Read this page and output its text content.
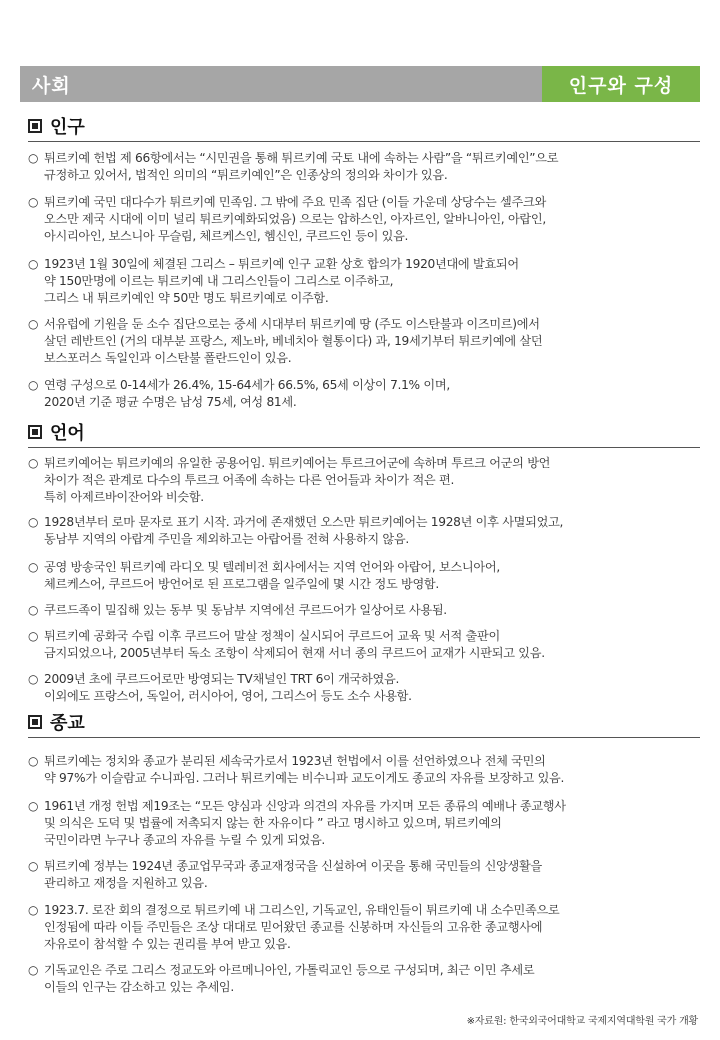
사회	인구와 구성
인구
○ 튀르키예 헌법 제 66항에서는 “시민권을 통해 튀르키예 국토 내에 속하는 사람”을 “튀르키예인”으로
규정하고 있어서, 법적인 의미의 “튀르키예인”은 인종상의 정의와 차이가 있음.
○ 튀르키예 국민 대다수가 튀르키예 민족임. 그 밖에 주요 민족 집단 (이들 가운데 상당수는 셀주크와
오스만 제국 시대에 이미 널리 튀르키예화되었음) 으로는 압하스인, 아자르인, 알바니아인, 아랍인,
아시리아인, 보스니아 무슬림, 체르케스인, 헴신인, 쿠르드인 등이 있음.
○ 1923년 1월 30일에 체결된 그리스 – 튀르키예 인구 교환 상호 합의가 1920년대에 발효되어
약 150만명에 이르는 튀르키예 내 그리스인들이 그리스로 이주하고,
그리스 내 튀르키예인 약 50만 명도 튀르키예로 이주함.
○ 서유럽에 기원을 둔 소수 집단으로는 중세 시대부터 튀르키예 땅 (주도 이스탄불과 이즈미르)에서
살던 레반트인 (거의 대부분 프랑스, 제노바, 베네치아 혈통이다) 과, 19세기부터 튀르키예에 살던
보스포러스 독일인과 이스탄불 폴란드인이 있음.
○ 연령 구성으로 0-14세가 26.4%, 15-64세가 66.5%, 65세 이상이 7.1% 이며,
2020년 기준 평균 수명은 남성 75세, 여성 81세.
언어
○ 튀르키예어는 튀르키예의 유일한 공용어임. 튀르키예어는 투르크어군에 속하며 투르크 어군의 방언
차이가 적은 관계로 다수의 투르크 어족에 속하는 다른 언어들과 차이가 적은 편.
특히 아제르바이잔어와 비슷함.
○ 1928년부터 로마 문자로 표기 시작. 과거에 존재했던 오스만 튀르키예어는 1928년 이후 사멸되었고,
동남부 지역의 아랍계 주민을 제외하고는 아랍어를 전혀 사용하지 않음.
○ 공영 방송국인 튀르키예 라디오 및 텔레비전 회사에서는 지역 언어와 아랍어, 보스니아어,
체르케스어, 쿠르드어 방언어로 된 프로그램을 일주일에 몇 시간 정도 방영함.
○ 쿠르드족이 밀집해 있는 동부 및 동남부 지역에선 쿠르드어가 일상어로 사용됨.
○ 튀르키예 공화국 수립 이후 쿠르드어 말살 정책이 실시되어 쿠르드어 교육 및 서적 출판이
금지되었으나, 2005년부터 독소 조항이 삭제되어 현재 서너 종의 쿠르드어 교재가 시판되고 있음.
○ 2009년 초에 쿠르드어로만 방영되는 TV채널인 TRT 6이 개국하였음.
이외에도 프랑스어, 독일어, 러시아어, 영어, 그리스어 등도 소수 사용함.
종교
○ 튀르키예는 정치와 종교가 분리된 세속국가로서 1923년 헌법에서 이를 선언하였으나 전체 국민의
약 97%가 이슬람교 수니파임. 그러나 튀르키예는 비수니파 교도이게도 종교의 자유를 보장하고 있음.
○ 1961년 개정 헌법 제19조는 “모든 양심과 신앙과 의견의 자유를 가지며 모든 종류의 예배나 종교행사
및 의식은 도덕 및 법률에 저촉되지 않는 한 자유이다 ” 라고 명시하고 있으며, 튀르키예의
국민이라면 누구나 종교의 자유를 누릴 수 있게 되었음.
○ 튀르키예 정부는 1924년 종교업무국과 종교재정국을 신설하여 이곳을 통해 국민들의 신앙생활을
관리하고 재정을 지원하고 있음.
○ 1923.7. 로잔 회의 결정으로 튀르키예 내 그리스인, 기독교인, 유태인들이 튀르키예 내 소수민족으로
인정됨에 따라 이들 주민들은 조상 대대로 믿어왔던 종교를 신봉하며 자신들의 고유한 종교행사에
자유로이 참석할 수 있는 권리를 부여 받고 있음.
○ 기독교인은 주로 그리스 정교도와 아르메니아인, 가톨릭교인 등으로 구성되며, 최근 이민 추세로
이들의 인구는 감소하고 있는 추세임.
※자료원: 한국외국어대학교 국제지역대학원 국가 개황
